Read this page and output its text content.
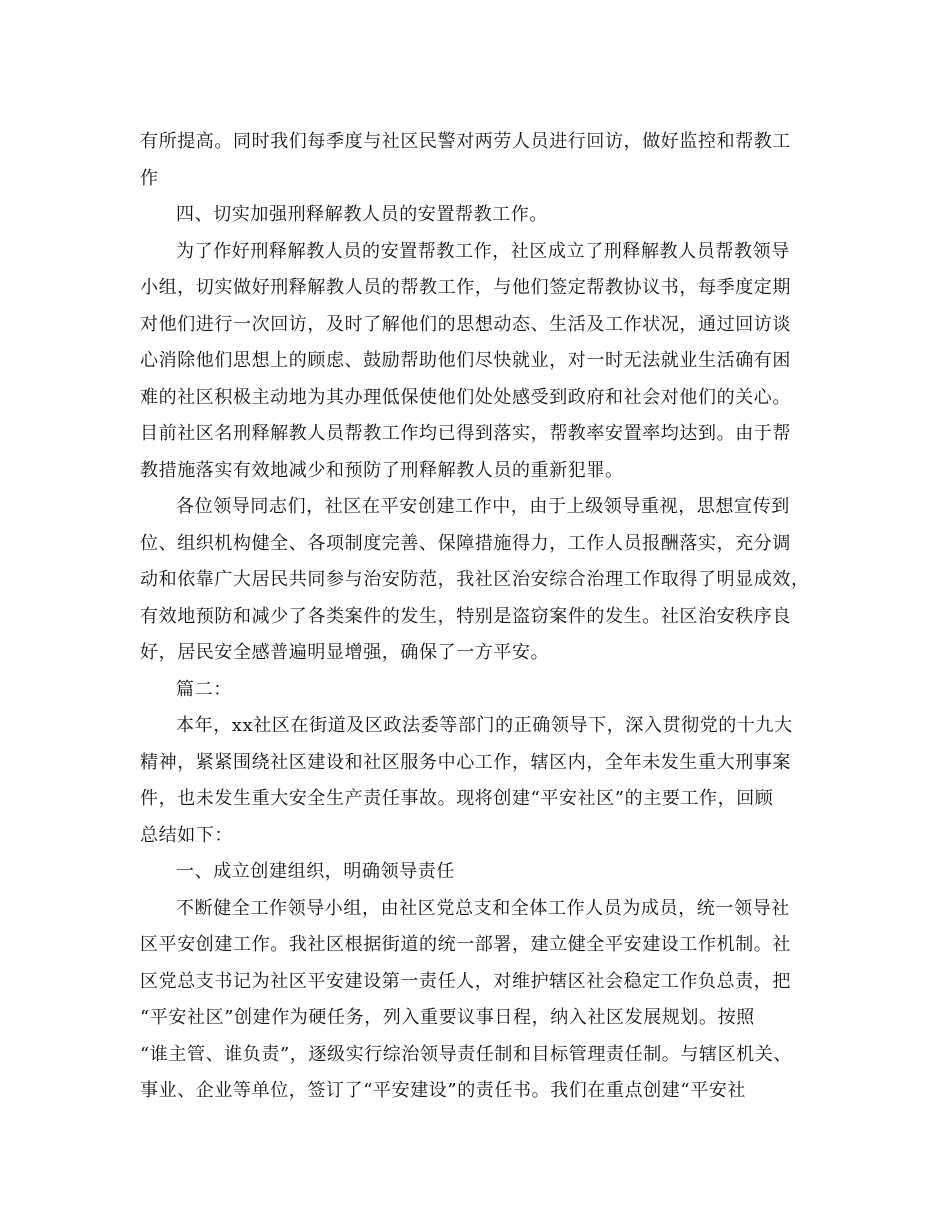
有所提高。同时我们每季度与社区民警对两劳人员进行回访，做好监控和帮教工
作
四、切实加强刑释解教人员的安置帮教工作。
为了作好刑释解教人员的安置帮教工作，社区成立了刑释解教人员帮教领导
小组，切实做好刑释解教人员的帮教工作，与他们签定帮教协议书，每季度定期
对他们进行一次回访，及时了解他们的思想动态、生活及工作状况，通过回访谈
心消除他们思想上的顾虑、鼓励帮助他们尽快就业，对一时无法就业生活确有困
难的社区积极主动地为其办理低保使他们处处感受到政府和社会对他们的关心。
目前社区名刑释解教人员帮教工作均已得到落实，帮教率安置率均达到。由于帮
教措施落实有效地减少和预防了刑释解教人员的重新犯罪。
各位领导同志们，社区在平安创建工作中，由于上级领导重视，思想宣传到
位、组织机构健全、各项制度完善、保障措施得力，工作人员报酬落实，充分调
动和依靠广大居民共同参与治安防范，我社区治安综合治理工作取得了明显成效，
有效地预防和减少了各类案件的发生，特别是盗窃案件的发生。社区治安秩序良
好，居民安全感普遍明显增强，确保了一方平安。
篇二：
本年，xx社区在街道及区政法委等部门的正确领导下，深入贯彻党的十九大
精神，紧紧围绕社区建设和社区服务中心工作，辖区内，全年未发生重大刑事案
件，也未发生重大安全生产责任事故。现将创建“平安社区”的主要工作，回顾
总结如下：
一、成立创建组织，明确领导责任
不断健全工作领导小组，由社区党总支和全体工作人员为成员，统一领导社
区平安创建工作。我社区根据街道的统一部署，建立健全平安建设工作机制。社
区党总支书记为社区平安建设第一责任人，对维护辖区社会稳定工作负总责，把
“平安社区”创建作为硬任务，列入重要议事日程，纳入社区发展规划。按照
“谁主管、谁负责”，逐级实行综治领导责任制和目标管理责任制。与辖区机关、
事业、企业等单位，签订了“平安建设”的责任书。我们在重点创建“平安社
